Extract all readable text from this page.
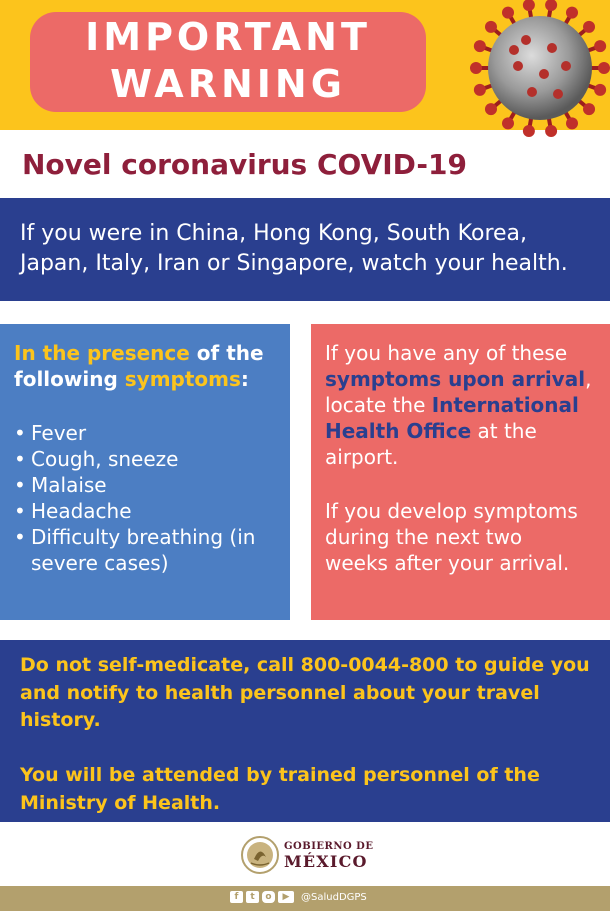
IMPORTANT
WARNING
Novel coronavirus COVID-19
If you were in China, Hong Kong, South Korea, Japan, Italy, Iran or Singapore, watch your health.
In the presence of the following symptoms:
• Fever
• Cough, sneeze
• Malaise
• Headache
• Difficulty breathing (in severe cases)
If you have any of these symptoms upon arrival, locate the International Health Office at the airport.
If you develop symptoms during the next two weeks after your arrival.
Do not self-medicate, call 800-0044-800 to guide you and notify to health personnel about your travel history.
You will be attended by trained personnel of the Ministry of Health.
GOBIERNO DE
MÉXICO
f	t	o	▶	@SaludDGPS
